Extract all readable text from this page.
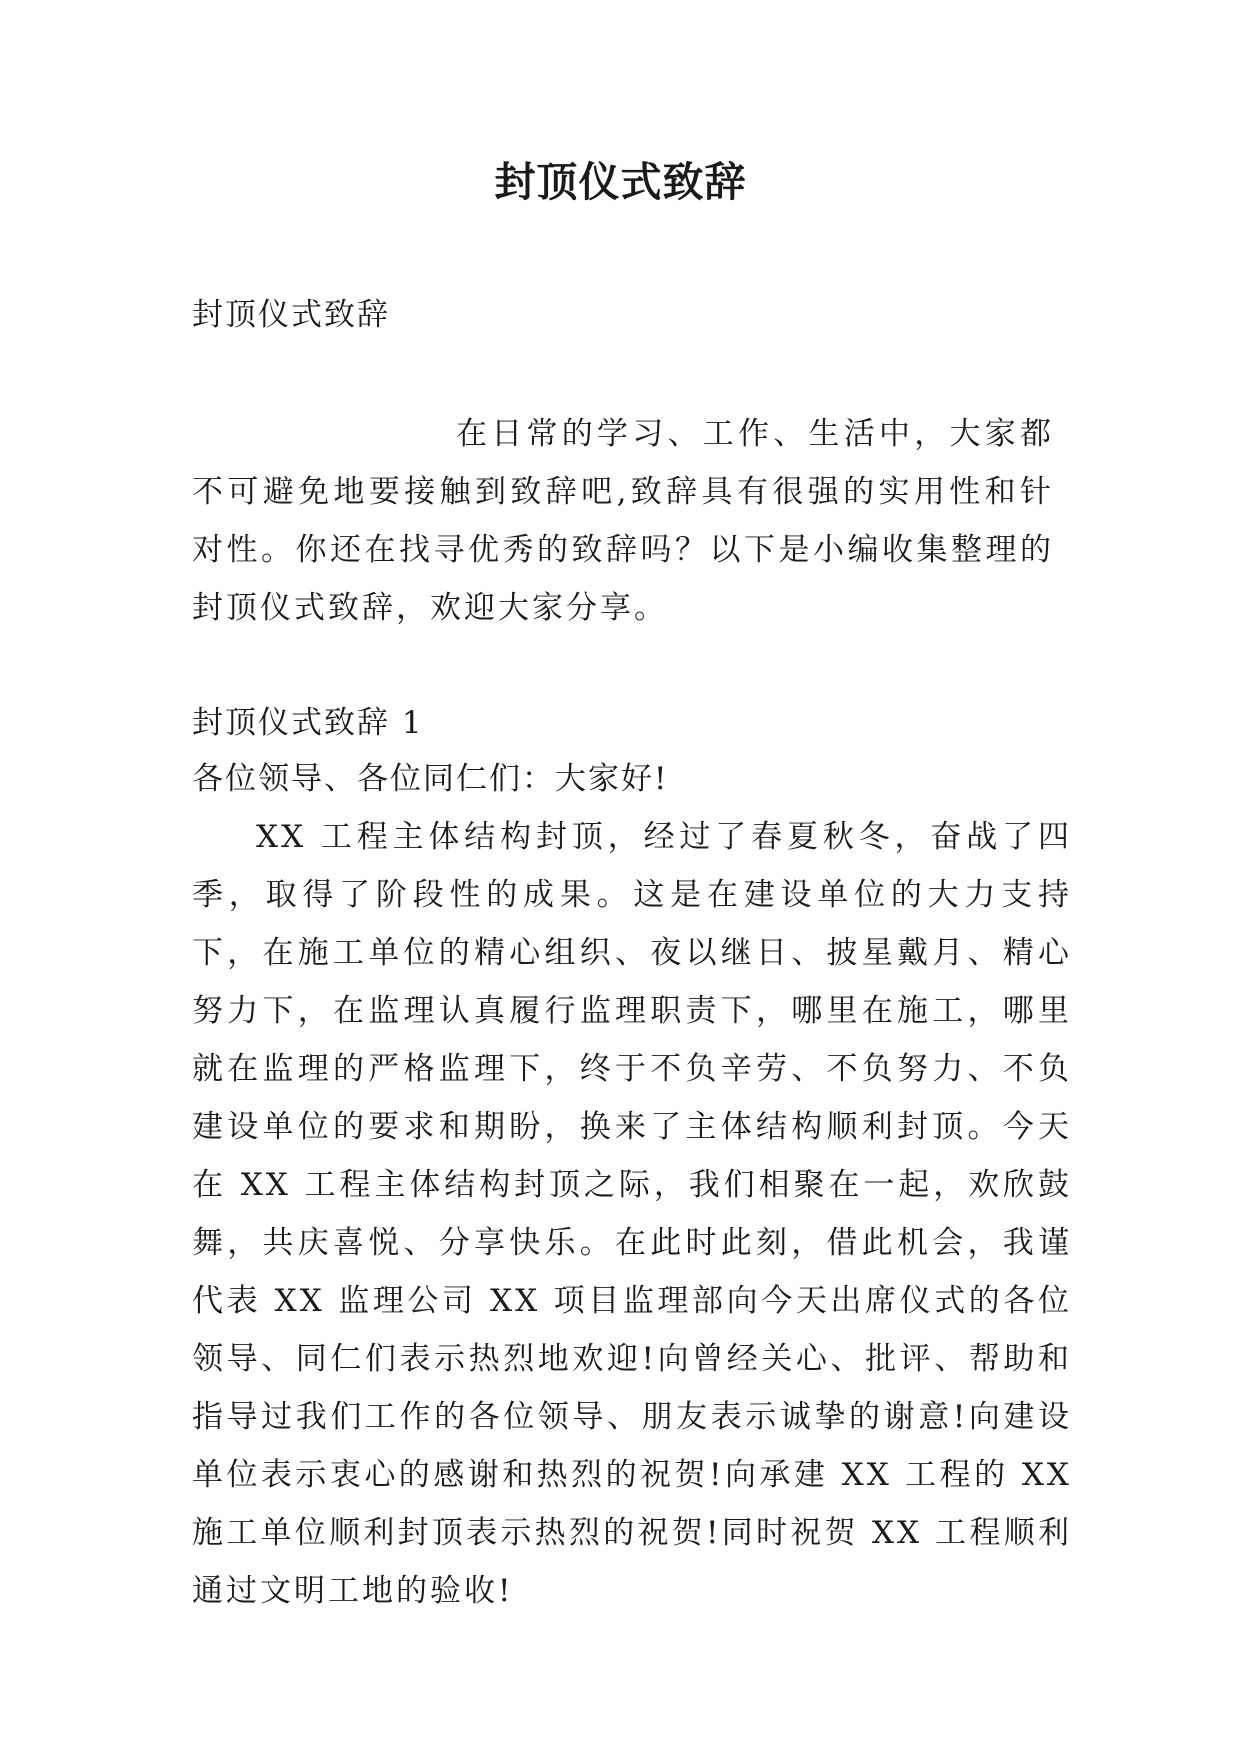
封顶仪式致辞
封顶仪式致辞

在日常的学习、工作、生活中，大家都不可避免地要接触到致辞吧,致辞具有很强的实用性和针对性。你还在找寻优秀的致辞吗？以下是小编收集整理的封顶仪式致辞，欢迎大家分享。

封顶仪式致辞 1
各位领导、各位同仁们：大家好!

XX 工程主体结构封顶，经过了春夏秋冬，奋战了四季，取得了阶段性的成果。这是在建设单位的大力支持下，在施工单位的精心组织、夜以继日、披星戴月、精心努力下，在监理认真履行监理职责下，哪里在施工，哪里就在监理的严格监理下，终于不负辛劳、不负努力、不负建设单位的要求和期盼，换来了主体结构顺利封顶。今天在 XX 工程主体结构封顶之际，我们相聚在一起，欢欣鼓舞，共庆喜悦、分享快乐。在此时此刻，借此机会，我谨代表 XX 监理公司 XX 项目监理部向今天出席仪式的各位领导、同仁们表示热烈地欢迎!向曾经关心、批评、帮助和指导过我们工作的各位领导、朋友表示诚挚的谢意!向建设单位表示衷心的感谢和热烈的祝贺!向承建 XX 工程的 XX 施工单位顺利封顶表示热烈的祝贺!同时祝贺 XX 工程顺利通过文明工地的验收!
